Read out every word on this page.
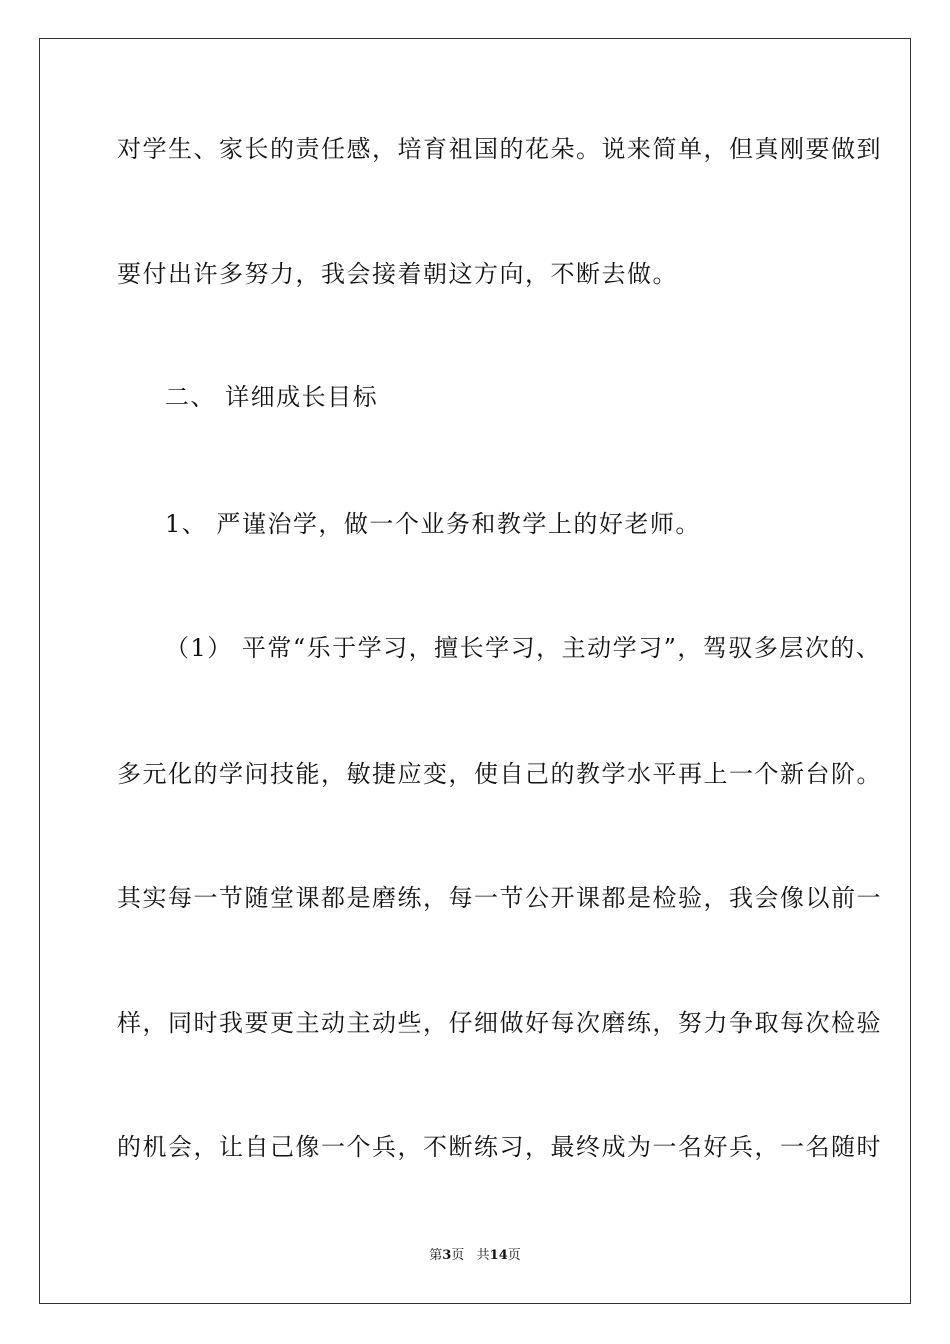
对学生、家长的责任感，培育祖国的花朵。说来简单，但真刚要做到
要付出许多努力，我会接着朝这方向，不断去做。
二、 详细成长目标
1、 严谨治学，做一个业务和教学上的好老师。
（1） 平常“乐于学习，擅长学习，主动学习”，驾驭多层次的、
多元化的学问技能，敏捷应变，使自己的教学水平再上一个新台阶。
其实每一节随堂课都是磨练，每一节公开课都是检验，我会像以前一
样，同时我要更主动主动些，仔细做好每次磨练，努力争取每次检验
的机会，让自己像一个兵，不断练习，最终成为一名好兵，一名随时
第3页   共14页
